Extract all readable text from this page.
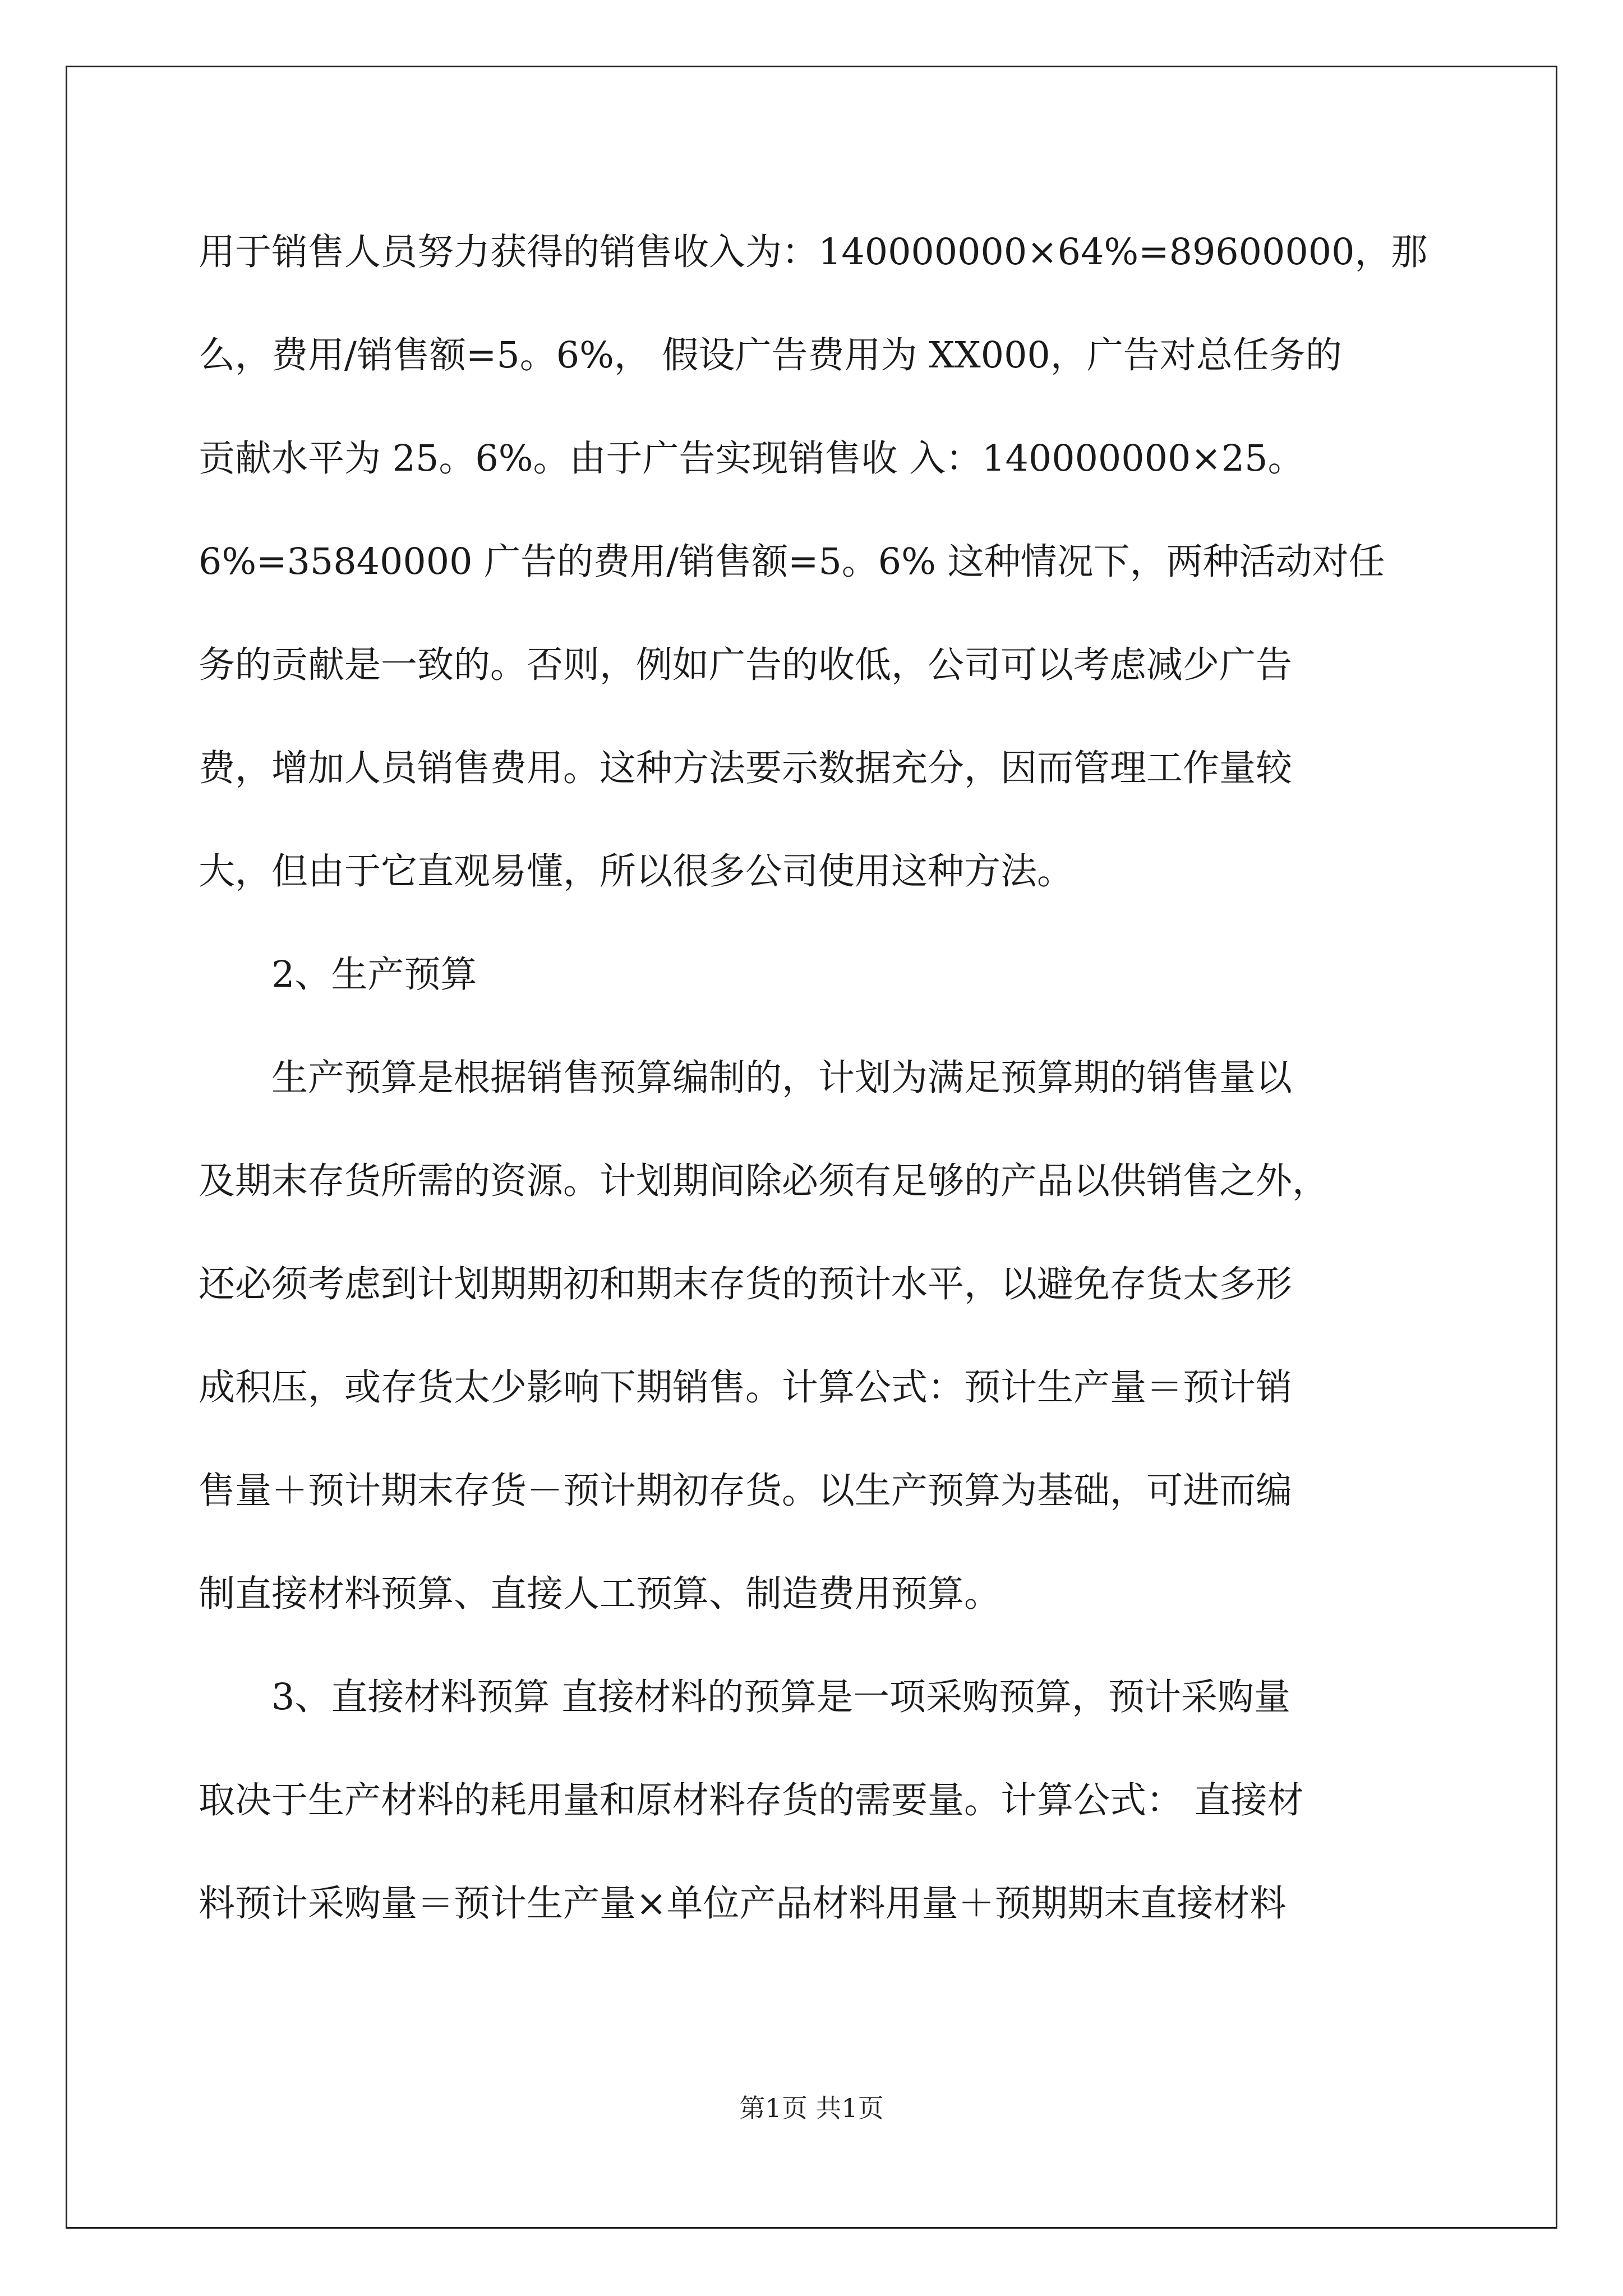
用于销售人员努力获得的销售收入为：140000000×64%=89600000，那
么，费用/销售额=5。6%， 假设广告费用为 XX000，广告对总任务的
贡献水平为 25。6%。由于广告实现销售收 入：140000000×25。
6%=35840000 广告的费用/销售额=5。6% 这种情况下，两种活动对任
务的贡献是一致的。否则，例如广告的收低，公司可以考虑减少广告
费，增加人员销售费用。这种方法要示数据充分，因而管理工作量较
大，但由于它直观易懂，所以很多公司使用这种方法。
2、生产预算
生产预算是根据销售预算编制的，计划为满足预算期的销售量以
及期末存货所需的资源。计划期间除必须有足够的产品以供销售之外，
还必须考虑到计划期期初和期末存货的预计水平，以避免存货太多形
成积压，或存货太少影响下期销售。计算公式：预计生产量＝预计销
售量＋预计期末存货－预计期初存货。以生产预算为基础，可进而编
制直接材料预算、直接人工预算、制造费用预算。
3、直接材料预算 直接材料的预算是一项采购预算，预计采购量
取决于生产材料的耗用量和原材料存货的需要量。计算公式： 直接材
料预计采购量＝预计生产量×单位产品材料用量＋预期期末直接材料
第1页 共1页
